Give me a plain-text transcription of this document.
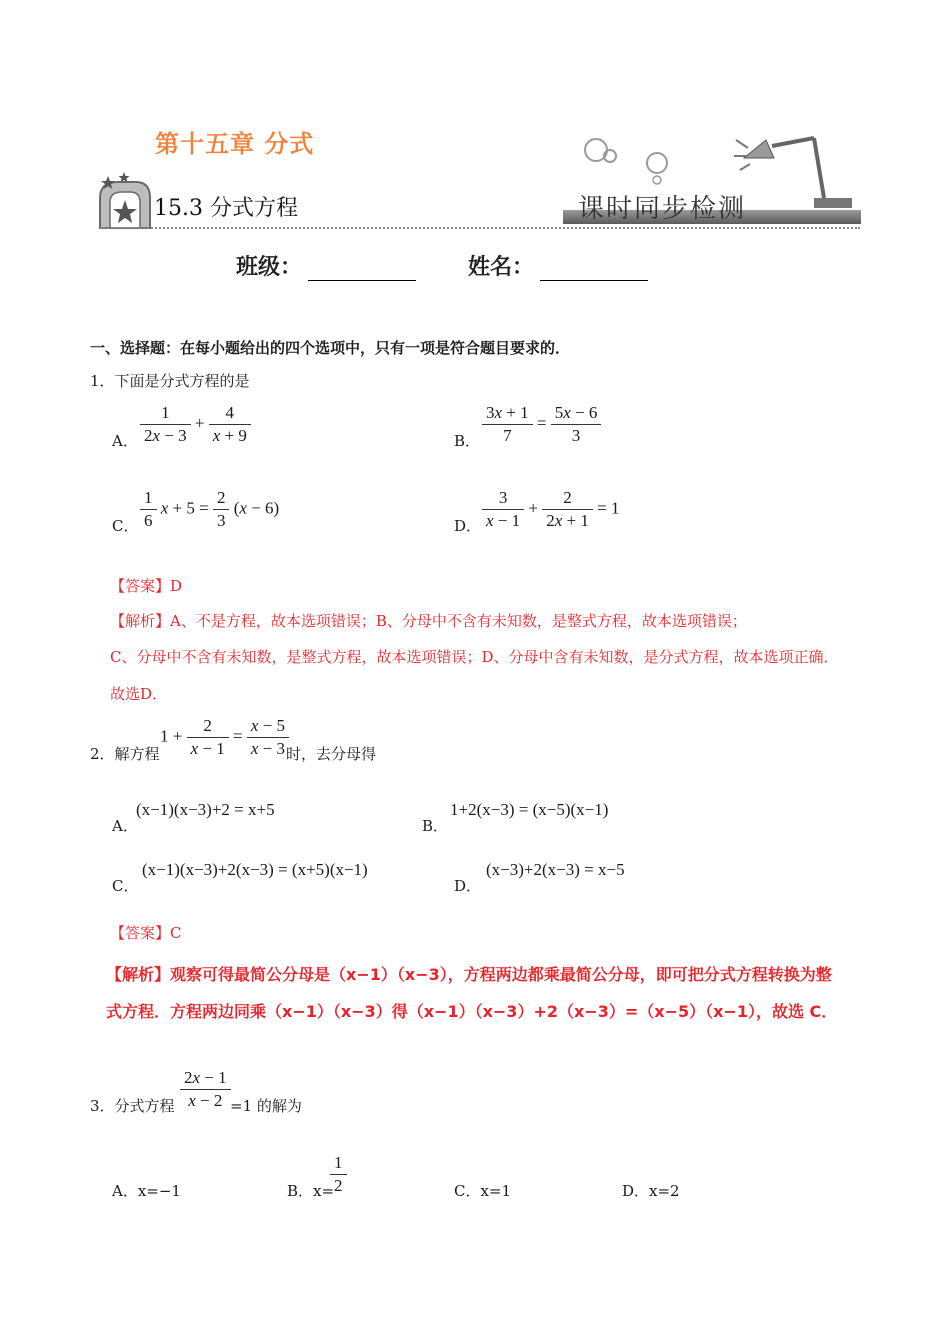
第十五章 分式
15.3 分式方程	课时同步检测
班级：	姓名：
一、选择题：在每小题给出的四个选项中，只有一项是符合题目要求的．
1．下面是分式方程的是
A． $\frac{1}{2x - 3} + \frac{4}{x + 9}$	B． $\frac{3x + 1}{7} = \frac{5x - 6}{3}$
C． $\frac{1}{6}$ $x + 5 = \frac{2}{3} (x - 6)$
D． $\frac{3}{x - 1} + \frac{2}{2x + 1} = 1$
【答案】D
【解析】A、不是方程，故本选项错误；B、分母中不含有未知数，是整式方程，故本选项错误；
C、分母中不含有未知数，是整式方程，故本选项错误；D、分母中含有未知数，是分式方程，故本选项正确．
故选D．
2．解方程
$1 + \frac{2}{x - 1} = \frac{x - 5}{x - 3}$
时，去分母得
A．
(x−1)(x−3)+2 = x+5
B．
1+2(x−3) = (x−5)(x−1)
C．
(x−1)(x−3)+2(x−3) = (x+5)(x−1)
D．
(x−3)+2(x−3) = x−5
【答案】C
【解析】观察可得最简公分母是（x−1）（x−3），方程两边都乘最简公分母，即可把分式方程转换为整
式方程．方程两边同乘（x−1）（x−3）得（x−1）（x−3）+2（x−3）=（x−5）（x−1），故选 C．
3．分式方程 $\frac{2x - 1}{x - 2} =1$ 的解为
A．x=−1	B．x=
$\frac{1}{2}$	C．x=1	D．x=2
